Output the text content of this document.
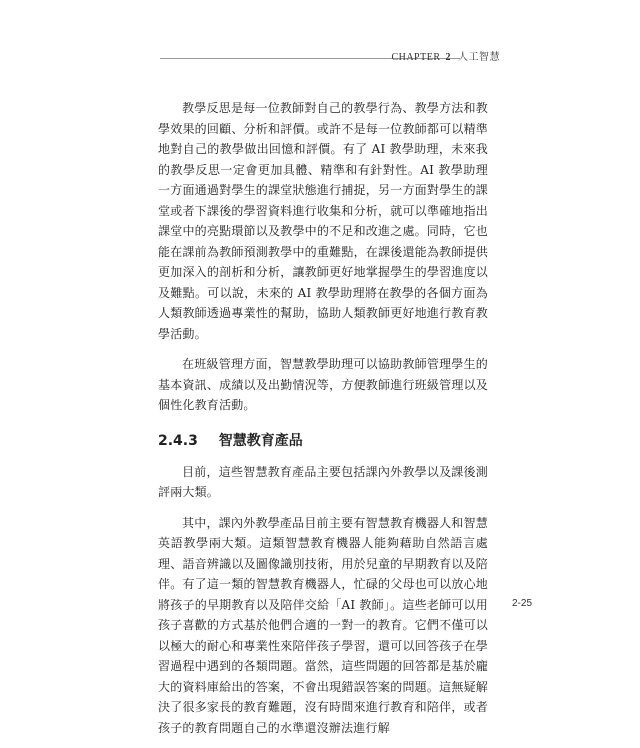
CHAPTER 2 人工智慧

教學反思是每一位教師對自己的教學行為、教學方法和教學效果的回顧、分析和評價。或許不是每一位教師都可以精準地對自己的教學做出回憶和評價。有了 AI 教學助理，未來我的教學反思一定會更加具體、精準和有針對性。AI 教學助理一方面通過對學生的課堂狀態進行捕捉，另一方面對學生的課堂或者下課後的學習資料進行收集和分析，就可以準確地指出課堂中的亮點環節以及教學中的不足和改進之處。同時，它也能在課前為教師預測教學中的重難點，在課後還能為教師提供更加深入的剖析和分析，讓教師更好地掌握學生的學習進度以及難點。可以說，未來的 AI 教學助理將在教學的各個方面為人類教師透過專業性的幫助，協助人類教師更好地進行教育教學活動。

在班級管理方面，智慧教學助理可以協助教師管理學生的基本資訊、成績以及出勤情況等，方便教師進行班級管理以及個性化教育活動。

2.4.3 智慧教育產品

目前，這些智慧教育產品主要包括課內外教學以及課後測評兩大類。

其中，課內外教學產品目前主要有智慧教育機器人和智慧英語教學兩大類。這類智慧教育機器人能夠藉助自然語言處理、語音辨識以及圖像識別技術，用於兒童的早期教育以及陪伴。有了這一類的智慧教育機器人，忙碌的父母也可以放心地將孩子的早期教育以及陪伴交給「AI 教師」。這些老師可以用孩子喜歡的方式基於他們合適的一對一的教育。它們不僅可以以極大的耐心和專業性來陪伴孩子學習，還可以回答孩子在學習過程中遇到的各類問題。當然，這些問題的回答都是基於龐大的資料庫給出的答案，不會出現錯誤答案的問題。這無疑解決了很多家長的教育難題，沒有時間來進行教育和陪伴，或者孩子的教育問題自己的水準還沒辦法進行解

2-25
